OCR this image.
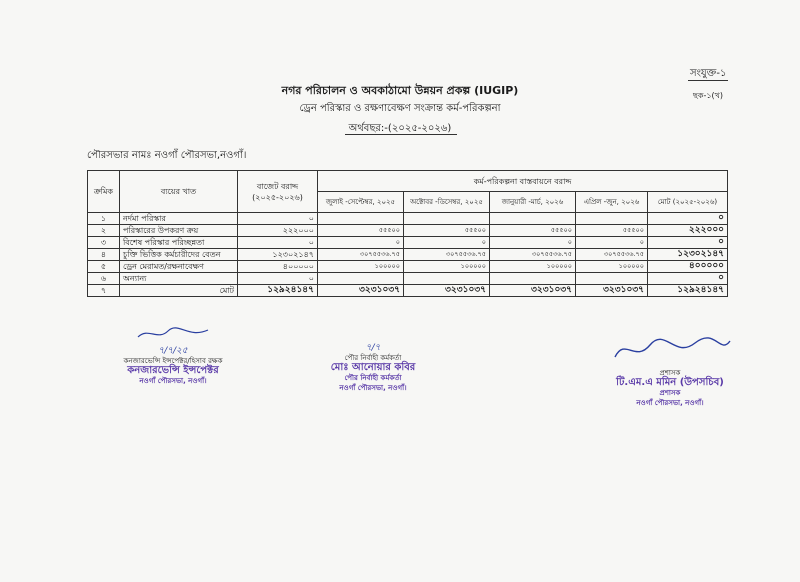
সংযুক্ত-১
ছক-১(খ)
নগর পরিচালন ও অবকাঠামো উন্নয়ন প্রকল্প (IUGIP)
ড্রেন পরিস্কার ও রক্ষণাবেক্ষণ সংক্রান্ত কর্ম-পরিকল্পনা
অর্থবছর:-(২০২৫-২০২৬)
পৌরসভার নামঃ নওগাঁ পৌরসভা,নওগাঁ।
ক্রমিক	ব্যয়ের খাত	বাজেট বরাদ্দ (২০২৫-২০২৬)	কর্ম-পরিকল্পনা বাস্তবায়নে বরাদ্দ				
			জুলাই -সেপ্টেম্বর, ২০২৫	অক্টোবর -ডিসেম্বর, ২০২৫	জানুয়ারী -মার্চ, ২০২৬	এপ্রিল -জুন, ২০২৬	মোট (২০২৫-২০২৬)
১	নর্দমা পরিস্কার	০					০
২	পরিস্কারের উপকরণ ক্রয়	২২২০০০	৫৫৫০০	৫৫৫০০	৫৫৫০০	৫৫৫০০	২২২০০০
৩	বিশেষ পরিস্কার পরিচ্ছন্নতা	০	০	০	০	০	০
৪	চুক্তি ভিত্তিক কর্মচারীদের বেতন	১২৩০২১৪৭	৩০৭৫৫৩৬.৭৫	৩০৭৫৫৩৬.৭৫	৩০৭৫৫৩৬.৭৫	৩০৭৫৫৩৬.৭৫	১২৩০২১৪৭
৫	ড্রেন মেরামত/রক্ষনাবেক্ষণ	৪০০০০০	১০০০০০	১০০০০০	১০০০০০	১০০০০০	৪০০০০০
৬	অন্যান্য	০					০
৭	মোট	১২৯২৪১৪৭	৩২৩১০৩৭	৩২৩১০৩৭	৩২৩১০৩৭	৩২৩১০৩৭	১২৯২৪১৪৭
৭/৭/২৫
কনজারভেন্সি ইন্সপেক্টর/হিসাব রক্ষক
কনজারভেন্সি ইন্সপেক্টর
নওগাঁ পৌরসভা, নওগাঁ।
৭/৭
পৌর নির্বাহী কর্মকর্তা
মোঃ আনোয়ার কবির
পৌর নির্বাহী কর্মকর্তা
নওগাঁ পৌরসভা, নওগাঁ।
প্রশাসক
টি.এম.এ মমিন (উপসচিব)
প্রশাসক
নওগাঁ পৌরসভা, নওগাঁ।
